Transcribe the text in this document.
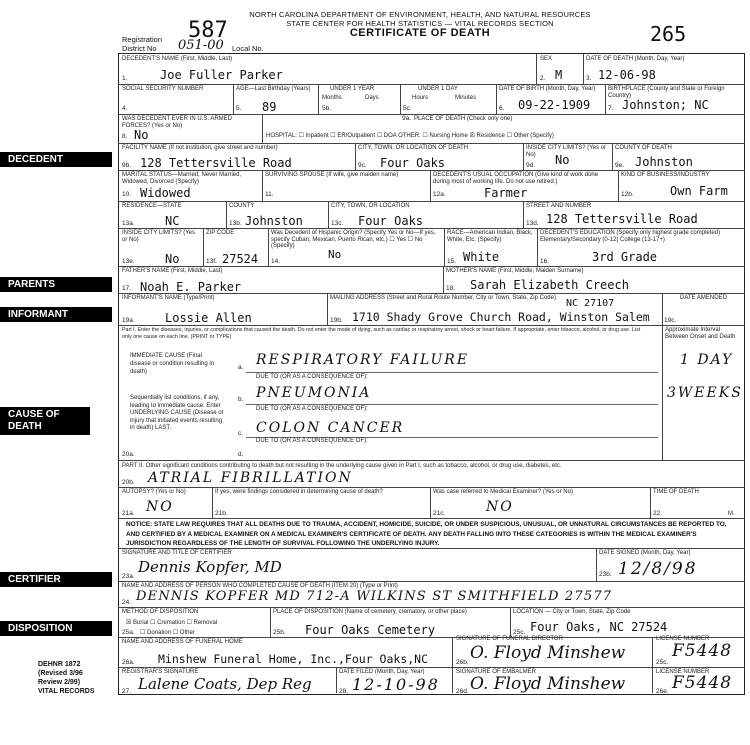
NORTH CAROLINA DEPARTMENT OF ENVIRONMENT, HEALTH, AND NATURAL RESOURCES
STATE CENTER FOR HEALTH STATISTICS — VITAL RECORDS SECTION
CERTIFICATE OF DEATH
587	265
Registration District No	051-00 Local No.
DECEDENT
PARENTS
INFORMANT
CAUSE OF DEATH
CERTIFIER
DISPOSITION
DECEDENT'S NAME (First, Middle, Last)
1.	Joe Fuller Parker
SEX
2. M
DATE OF DEATH (Month, Day, Year)
3. 12-06-98
SOCIAL SECURITY NUMBER
4.
AGE—Last Birthday (Years)
5. 89
UNDER 1 YEAR
Months	Days
5b.
UNDER 1 DAY
Hours	Minutes
5c.
DATE OF BIRTH (Month, Day, Year)
6. 09-22-1909
BIRTHPLACE (County and State or Foreign Country)
7. Johnston; NC
WAS DECEDENT EVER IN U.S. ARMED FORCES? (Yes or No)
8. No
9a. PLACE OF DEATH (Check only one)
HOSPITAL: ☐ Inpatient ☐ ER/Outpatient ☐ DOA OTHER: ☐ Nursing Home ☒ Residence ☐ Other (Specify)
FACILITY NAME (If not institution, give street and number)
9b. 128 Tettersville Road
CITY, TOWN, OR LOCATION OF DEATH
9c. Four Oaks
INSIDE CITY LIMITS? (Yes or No)
9d. No
COUNTY OF DEATH
9e. Johnston
MARITAL STATUS—Married, Never Married, Widowed, Divorced (Specify)
10. Widowed
SURVIVING SPOUSE (If wife, give maiden name)
11.
DECEDENT'S USUAL OCCUPATION (Give kind of work done during most of working life. Do not use retired.)
12a.	Farmer
KIND OF BUSINESS/INDUSTRY
12b.	Own Farm
RESIDENCE—STATE
13a.	NC
COUNTY
13b. Johnston
CITY, TOWN, OR LOCATION
13c. Four Oaks
STREET AND NUMBER
13d. 128 Tettersville Road
INSIDE CITY LIMITS? (Yes or No)
13e.	No
ZIP CODE
13f. 27524
Was Decedent of Hispanic Origin? (Specify Yes or No—If yes, specify Cuban, Mexican, Puerto Rican, etc.) ☐ Yes ☐ No (Specify)
14.
No
RACE—American Indian, Black, White, Etc. (Specify)
15. White
DECEDENT'S EDUCATION (Specify only highest grade completed) Elementary/Secondary (0-12) College (13-17+)
16.	3rd Grade
FATHER'S NAME (First, Middle, Last)
17. Noah E. Parker
MOTHER'S NAME (First, Middle, Maiden Surname)
18. Sarah Elizabeth Creech
INFORMANT'S NAME (Type/Print)
19a.	Lossie Allen
MAILING ADDRESS (Street and Rural Route Number, City or Town, State, Zip Code)
19b. 1710 Shady Grove Church Road, Winston Salem
NC 27107
19c.
DATE AMENDED
Part I. Enter the diseases, injuries, or complications that caused the death. Do not enter the mode of dying, such as cardiac or respiratory arrest, shock or heart failure. If appropriate, enter tobacco, alcohol, or drug use. List only one cause on each line. (PRINT or TYPE)
Approximate Interval Between Onset and Death
IMMEDIATE CAUSE (Final disease or condition resulting in death)
a. RESPIRATORY FAILURE
DUE TO (OR AS A CONSEQUENCE OF):
1 DAY
Sequentially list conditions, if any, leading to immediate cause. Enter UNDERLYING CAUSE (Disease or injury that initiated events resulting in death) LAST.
b. PNEUMONIA
DUE TO (OR AS A CONSEQUENCE OF):
3WEEKS
c. COLON CANCER
DUE TO (OR AS A CONSEQUENCE OF):
20a.	d.
PART II. Other significant conditions contributing to death but not resulting in the underlying cause given in Part I, such as tobacco, alcohol, or drug use, diabetes, etc.
20b. ATRIAL FIBRILLATION
AUTOPSY? (Yes or No)
21a. NO
If yes, were findings considered in determining cause of death?
21b.
Was case referred to Medical Examiner? (Yes or No)
21c.	NO
TIME OF DEATH
22.	M.
NOTICE: STATE LAW REQUIRES THAT ALL DEATHS DUE TO TRAUMA, ACCIDENT, HOMICIDE, SUICIDE, OR UNDER SUSPICIOUS, UNUSUAL, OR UNNATURAL CIRCUMSTANCES BE REPORTED TO, AND CERTIFIED BY A MEDICAL EXAMINER ON A MEDICAL EXAMINER'S CERTIFICATE OF DEATH. ANY DEATH FALLING INTO THESE CATEGORIES IS WITHIN THE MEDICAL EXAMINER'S JURISDICTION REGARDLESS OF THE LENGTH OF SURVIVAL FOLLOWING THE UNDERLYING INJURY.
SIGNATURE AND TITLE OF CERTIFIER
23a.
Dennis Kopfer, MD
DATE SIGNED (Month, Day, Year)
23b. 12/8/98
NAME AND ADDRESS OF PERSON WHO COMPLETED CAUSE OF DEATH (ITEM 20) (Type or Print)
24. DENNIS KOPFER MD 712-A WILKINS ST SMITHFIELD 27577
METHOD OF DISPOSITION
☒ Burial ☐ Cremation ☐ Removal
25a. ☐ Donation ☐ Other
PLACE OF DISPOSITION (Name of cemetery, crematory, or other place)
25b. Four Oaks Cemetery
LOCATION — City or Town, State, Zip Code
25c. Four Oaks, NC 27524
NAME AND ADDRESS OF FUNERAL HOME
26a. Minshew Funeral Home, Inc.,Four Oaks,NC
SIGNATURE OF FUNERAL DIRECTOR
26b. O. Floyd Minshew
LICENSE NUMBER
25c.
F5448
REGISTRAR'S SIGNATURE
27. Lalene Coats, Dep Reg
DATE FILED (Month, Day, Year)
28. 12-10-98
SIGNATURE OF EMBALMER
26d. O. Floyd Minshew
LICENSE NUMBER
26e. F5448
DEHNR 1872
(Revised 3/96
Review 2/99)
VITAL RECORDS
